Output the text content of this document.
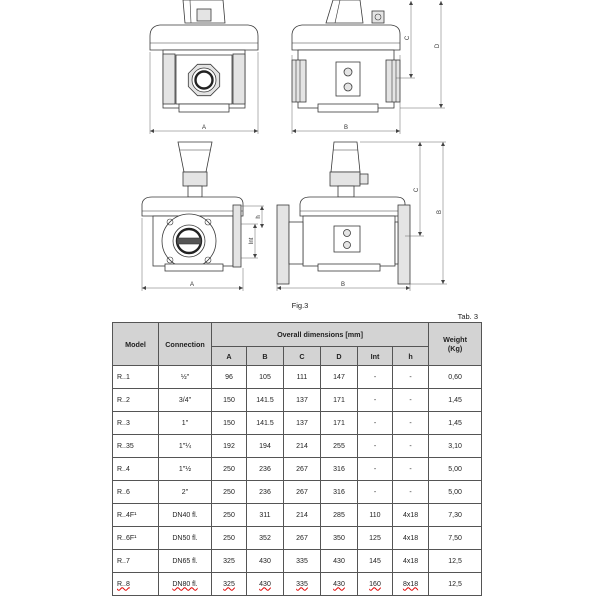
A	B
C
D
A
Int
h
B
C
B
Fig.3
Tab. 3
Model	Connection	Overall dimensions [mm]						Weight
(Kg)

		A	B	C	D	Int	h	
R..1	½"	96	105	111	147	-	-	0,60
R..2	3/4"	150	141.5	137	171	-	-	1,45
R..3	1"	150	141.5	137	171	-	-	1,45
R..35	1"¼	192	194	214	255	-	-	3,10
R..4	1"½	250	236	267	316	-	-	5,00
R..6	2"	250	236	267	316	-	-	5,00
R..4F¹	DN40 fl.	250	311	214	285	110	4x18	7,30
R..6F¹	DN50 fl.	250	352	267	350	125	4x18	7,50
R..7	DN65 fl.	325	430	335	430	145	4x18	12,5
R..8	DN80 fl.	325	430	335	430	160	8x18	12,5
